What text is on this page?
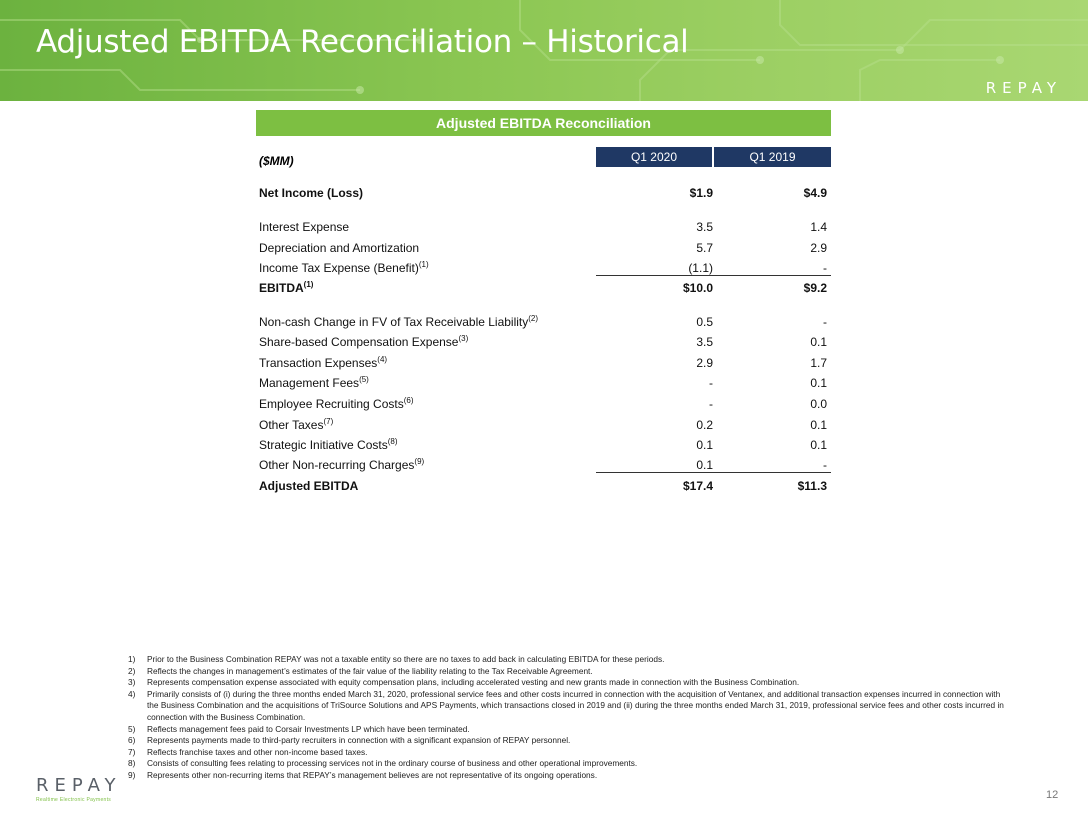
Adjusted EBITDA Reconciliation – Historical
REPAY
Adjusted EBITDA Reconciliation
($MM)	Q1 2020	Q1 2019
Net Income (Loss)	$1.9	$4.9
Interest Expense	3.5	1.4
Depreciation and Amortization	5.7	2.9
Income Tax Expense (Benefit)$^{(1)}$	(1.1)	-
EBITDA$^{(1)}$	$10.0	$9.2
Non-cash Change in FV of Tax Receivable Liability$^{(2)}$	0.5	-
Share-based Compensation Expense$^{(3)}$	3.5	0.1
Transaction Expenses$^{(4)}$	2.9	1.7
Management Fees$^{(5)}$	-	0.1
Employee Recruiting Costs$^{(6)}$	-	0.0
Other Taxes$^{(7)}$	0.2	0.1
Strategic Initiative Costs$^{(8)}$	0.1	0.1
Other Non-recurring Charges$^{(9)}$	0.1	-
Adjusted EBITDA	$17.4	$11.3
1) Prior to the Business Combination REPAY was not a taxable entity so there are no taxes to add back in calculating EBITDA for these periods.
2) Reflects the changes in management’s estimates of the fair value of the liability relating to the Tax Receivable Agreement.
3) Represents compensation expense associated with equity compensation plans, including accelerated vesting and new grants made in connection with the Business Combination.
4) Primarily consists of (i) during the three months ended March 31, 2020, professional service fees and other costs incurred in connection with the acquisition of Ventanex, and additional transaction expenses incurred in connection with the Business Combination and the acquisitions of TriSource Solutions and APS Payments, which transactions closed in 2019 and (ii) during the three months ended March 31, 2019, professional service fees and other costs incurred in connection with the Business Combination.
5) Reflects management fees paid to Corsair Investments LP which have been terminated.
6) Represents payments made to third-party recruiters in connection with a significant expansion of REPAY personnel.
7) Reflects franchise taxes and other non-income based taxes.
8) Consists of consulting fees relating to processing services not in the ordinary course of business and other operational improvements.
9) Represents other non-recurring items that REPAY’s management believes are not representative of its ongoing operations.
REPAY
Realtime Electronic Payments	12
